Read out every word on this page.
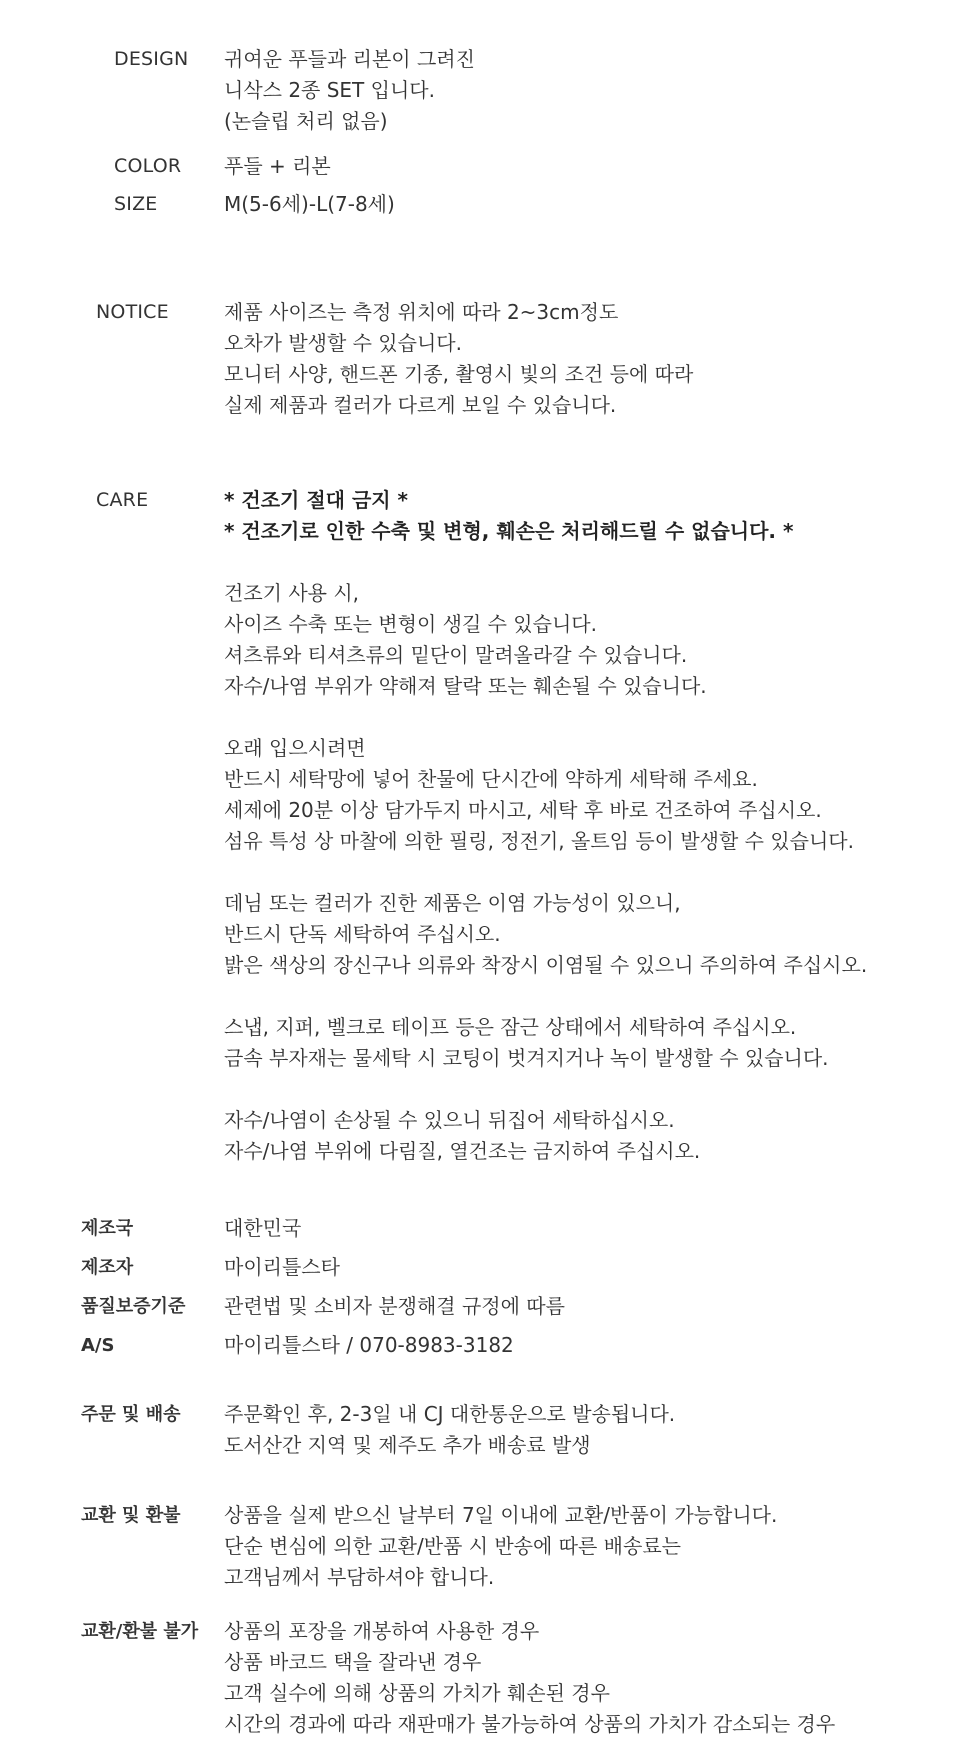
DESIGN 귀여운 푸들과 리본이 그려진
니삭스 2종 SET 입니다.
(논슬립 처리 없음)
COLOR 푸들 + 리본
SIZE	M(5-6세)-L(7-8세)
NOTICE	제품 사이즈는 측정 위치에 따라 2~3cm정도
오차가 발생할 수 있습니다.
모니터 사양, 핸드폰 기종, 촬영시 빛의 조건 등에 따라
실제 제품과 컬러가 다르게 보일 수 있습니다.
CARE	* 건조기 절대 금지 *
* 건조기로 인한 수축 및 변형, 훼손은 처리해드릴 수 없습니다. *
건조기 사용 시,
사이즈 수축 또는 변형이 생길 수 있습니다.
셔츠류와 티셔츠류의 밑단이 말려올라갈 수 있습니다.
자수/나염 부위가 약해져 탈락 또는 훼손될 수 있습니다.
오래 입으시려면
반드시 세탁망에 넣어 찬물에 단시간에 약하게 세탁해 주세요.
세제에 20분 이상 담가두지 마시고, 세탁 후 바로 건조하여 주십시오.
섬유 특성 상 마찰에 의한 필링, 정전기, 올트임 등이 발생할 수 있습니다.
데님 또는 컬러가 진한 제품은 이염 가능성이 있으니,
반드시 단독 세탁하여 주십시오.
밝은 색상의 장신구나 의류와 착장시 이염될 수 있으니 주의하여 주십시오.
스냅, 지퍼, 벨크로 테이프 등은 잠근 상태에서 세탁하여 주십시오.
금속 부자재는 물세탁 시 코팅이 벗겨지거나 녹이 발생할 수 있습니다.
자수/나염이 손상될 수 있으니 뒤집어 세탁하십시오.
자수/나염 부위에 다림질, 열건조는 금지하여 주십시오.
제조국	대한민국
제조자	마이리틀스타
품질보증기준 관련법 및 소비자 분쟁해결 규정에 따름
A/S	마이리틀스타 / 070-8983-3182
주문 및 배송 주문확인 후, 2-3일 내 CJ 대한통운으로 발송됩니다.
도서산간 지역 및 제주도 추가 배송료 발생
교환 및 환불 상품을 실제 받으신 날부터 7일 이내에 교환/반품이 가능합니다.
단순 변심에 의한 교환/반품 시 반송에 따른 배송료는
고객님께서 부담하셔야 합니다.
교환/환불 불가 상품의 포장을 개봉하여 사용한 경우
상품 바코드 택을 잘라낸 경우
고객 실수에 의해 상품의 가치가 훼손된 경우
시간의 경과에 따라 재판매가 불가능하여 상품의 가치가 감소되는 경우
